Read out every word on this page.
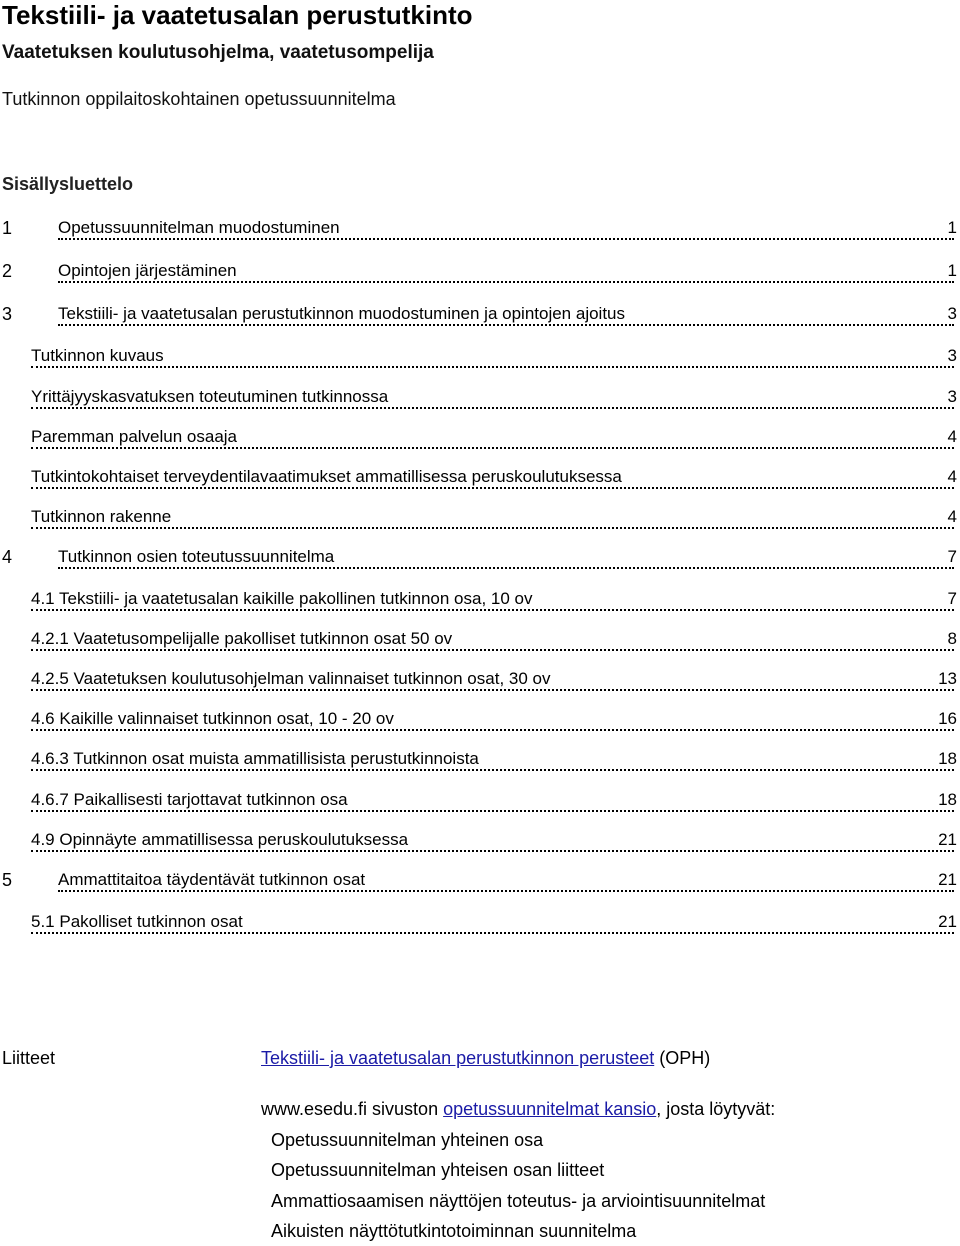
Tekstiili- ja vaatetusalan perustutkinto
Vaatetuksen koulutusohjelma, vaatetusompelija
Tutkinnon oppilaitoskohtainen opetussuunnitelma
Sisällysluettelo
1	Opetussuunnitelman muodostuminen	1
2	Opintojen järjestäminen	1
3	Tekstiili- ja vaatetusalan perustutkinnon muodostuminen ja opintojen ajoitus	3
Tutkinnon kuvaus	3
Yrittäjyyskasvatuksen toteutuminen tutkinnossa	3
Paremman palvelun osaaja	4
Tutkintokohtaiset terveydentilavaatimukset ammatillisessa peruskoulutuksessa	4
Tutkinnon rakenne	4
4	Tutkinnon osien toteutussuunnitelma	7
4.1 Tekstiili- ja vaatetusalan kaikille pakollinen tutkinnon osa, 10 ov	7
4.2.1 Vaatetusompelijalle pakolliset tutkinnon osat 50 ov	8
4.2.5 Vaatetuksen koulutusohjelman valinnaiset tutkinnon osat, 30 ov	13
4.6 Kaikille valinnaiset tutkinnon osat, 10 - 20 ov	16
4.6.3 Tutkinnon osat muista ammatillisista perustutkinnoista	18
4.6.7 Paikallisesti tarjottavat tutkinnon osa	18
4.9 Opinnäyte ammatillisessa peruskoulutuksessa	21
5	Ammattitaitoa täydentävät tutkinnon osat	21
5.1 Pakolliset tutkinnon osat	21
Liitteet	Tekstiili- ja vaatetusalan perustutkinnon perusteet (OPH)
www.esedu.fi sivuston opetussuunnitelmat kansio, josta löytyvät:
Opetussuunnitelman yhteinen osa
Opetussuunnitelman yhteisen osan liitteet
Ammattiosaamisen näyttöjen toteutus- ja arviointisuunnitelmat
Aikuisten näyttötutkintotoiminnan suunnitelma
